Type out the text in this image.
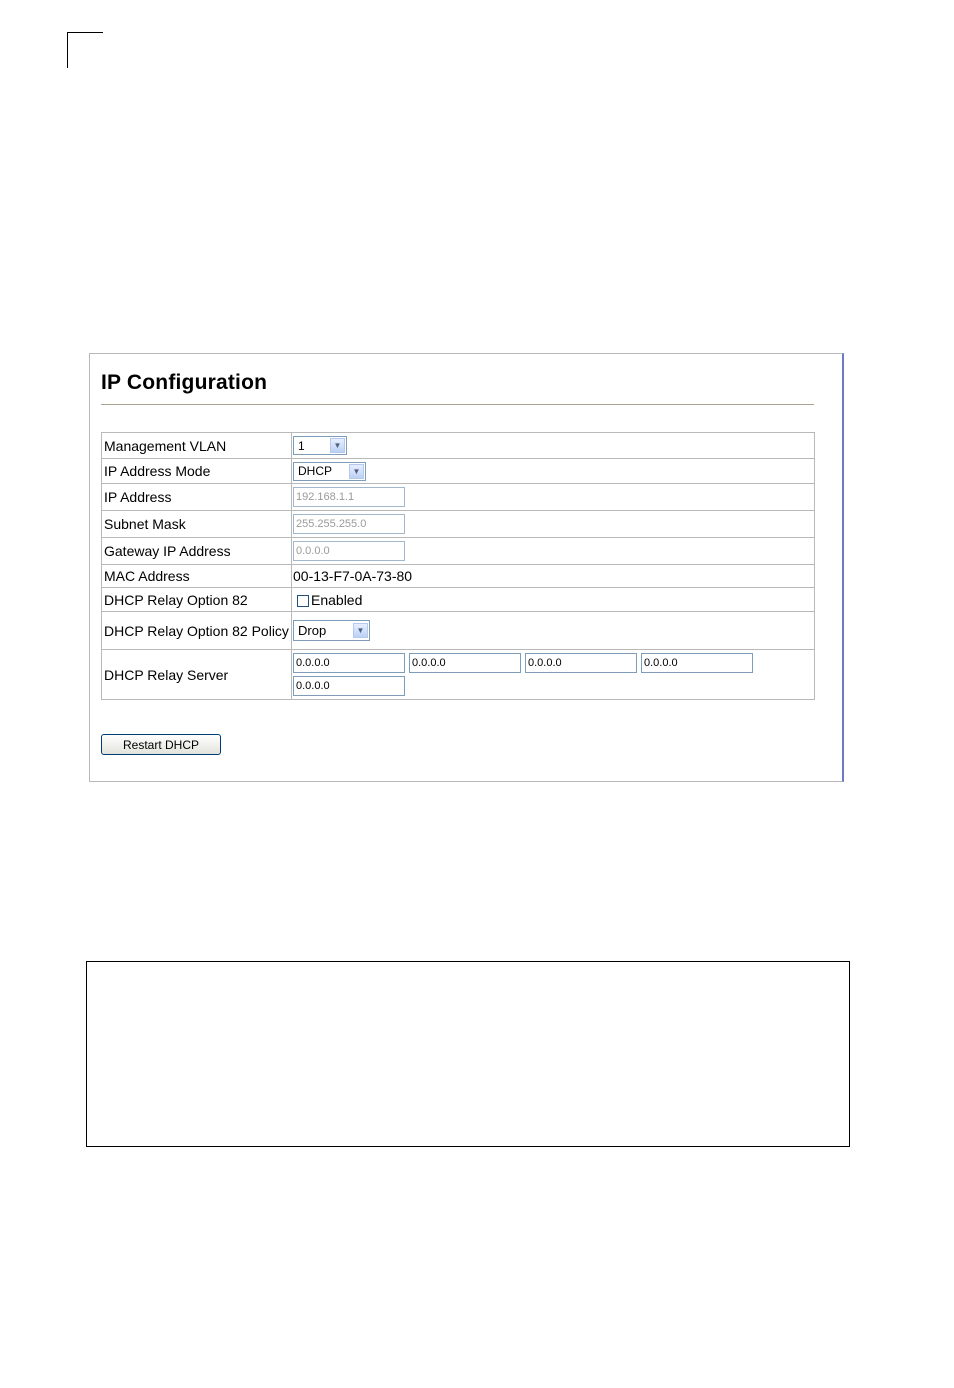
IP Configuration
Management VLAN	1 ▼

IP Address Mode	DHCP ▼

IP Address	192.168.1.1
Subnet Mask	255.255.255.0
Gateway IP Address	0.0.0.0
MAC Address	00-13-F7-0A-73-80
DHCP Relay Option 82	Enabled
DHCP Relay Option 82 Policy	Drop ▼

DHCP Relay Server	0.0.0.0 0.0.0.0 0.0.0.0 0.0.0.0
0.0.0.0
Restart DHCP
